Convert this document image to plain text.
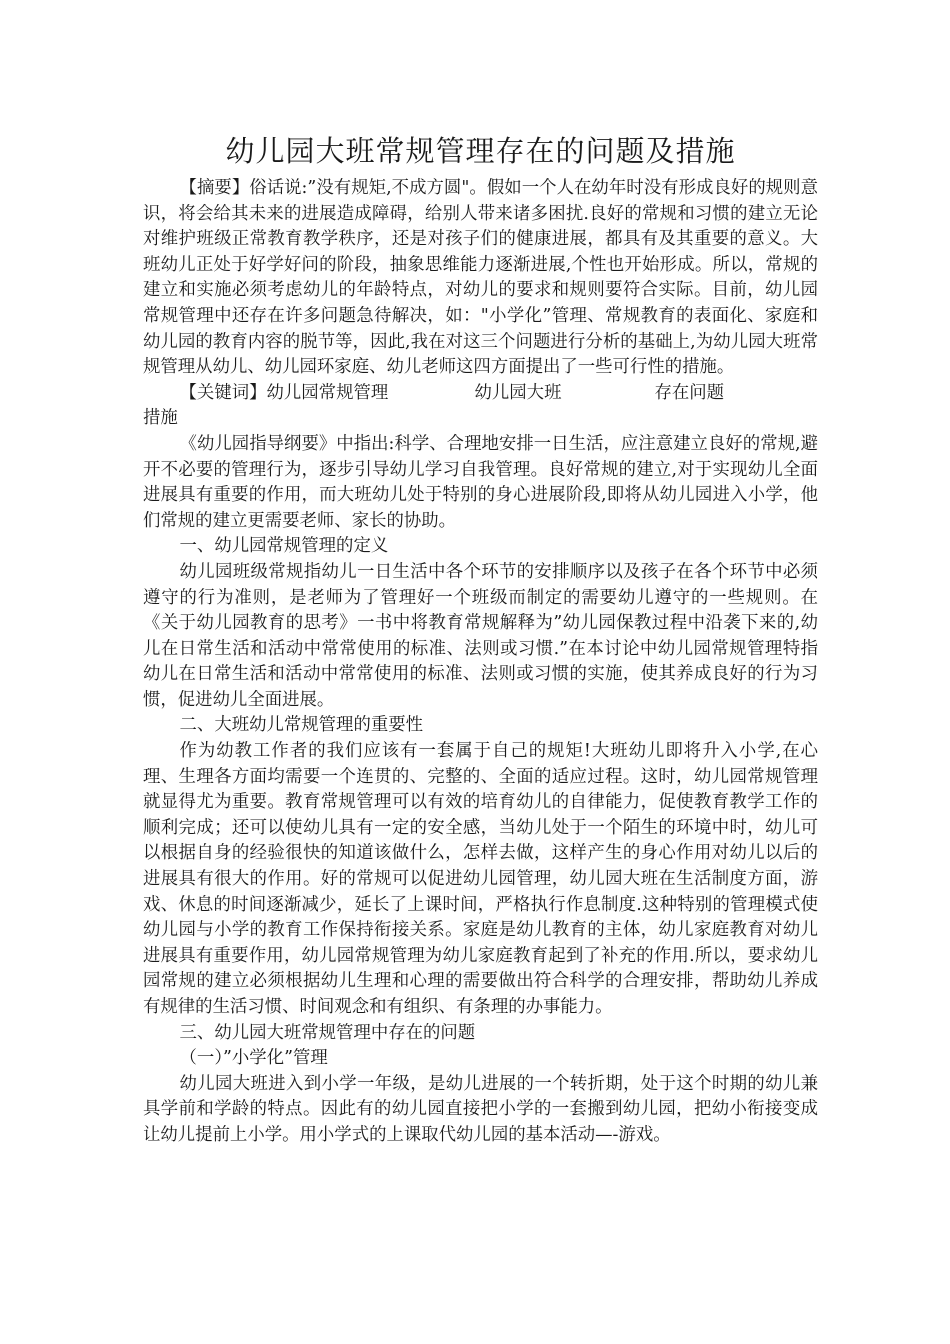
幼儿园大班常规管理存在的问题及措施

【摘要】俗话说:”没有规矩,不成方圆"。假如一个人在幼年时没有形成良好的规则意识，将会给其未来的进展造成障碍，给别人带来诸多困扰.良好的常规和习惯的建立无论对维护班级正常教育教学秩序，还是对孩子们的健康进展，都具有及其重要的意义。大班幼儿正处于好学好问的阶段，抽象思维能力逐渐进展,个性也开始形成。所以，常规的建立和实施必须考虑幼儿的年龄特点，对幼儿的要求和规则要符合实际。目前，幼儿园常规管理中还存在许多问题急待解决，如："小学化”管理、常规教育的表面化、家庭和幼儿园的教育内容的脱节等，因此,我在对这三个问题进行分析的基础上,为幼儿园大班常规管理从幼儿、幼儿园环家庭、幼儿老师这四方面提出了一些可行性的措施。

【关键词】幼儿园常规管理	幼儿园大班	存在问题
措施

《幼儿园指导纲要》中指出:科学、合理地安排一日生活，应注意建立良好的常规,避开不必要的管理行为，逐步引导幼儿学习自我管理。良好常规的建立,对于实现幼儿全面进展具有重要的作用，而大班幼儿处于特别的身心进展阶段,即将从幼儿园进入小学，他们常规的建立更需要老师、家长的协助。

一、幼儿园常规管理的定义

幼儿园班级常规指幼儿一日生活中各个环节的安排顺序以及孩子在各个环节中必须遵守的行为准则，是老师为了管理好一个班级而制定的需要幼儿遵守的一些规则。在《关于幼儿园教育的思考》一书中将教育常规解释为”幼儿园保教过程中沿袭下来的,幼儿在日常生活和活动中常常使用的标准、法则或习惯.”在本讨论中幼儿园常规管理特指幼儿在日常生活和活动中常常使用的标准、法则或习惯的实施，使其养成良好的行为习惯，促进幼儿全面进展。

二、大班幼儿常规管理的重要性

作为幼教工作者的我们应该有一套属于自己的规矩!大班幼儿即将升入小学,在心理、生理各方面均需要一个连贯的、完整的、全面的适应过程。这时，幼儿园常规管理就显得尤为重要。教育常规管理可以有效的培育幼儿的自律能力，促使教育教学工作的顺利完成；还可以使幼儿具有一定的安全感，当幼儿处于一个陌生的环境中时，幼儿可以根据自身的经验很快的知道该做什么，怎样去做，这样产生的身心作用对幼儿以后的进展具有很大的作用。好的常规可以促进幼儿园管理，幼儿园大班在生活制度方面，游戏、休息的时间逐渐减少，延长了上课时间，严格执行作息制度.这种特别的管理模式使幼儿园与小学的教育工作保持衔接关系。家庭是幼儿教育的主体，幼儿家庭教育对幼儿进展具有重要作用，幼儿园常规管理为幼儿家庭教育起到了补充的作用.所以，要求幼儿园常规的建立必须根据幼儿生理和心理的需要做出符合科学的合理安排，帮助幼儿养成有规律的生活习惯、时间观念和有组织、有条理的办事能力。

三、幼儿园大班常规管理中存在的问题

（一）”小学化”管理

幼儿园大班进入到小学一年级，是幼儿进展的一个转折期，处于这个时期的幼儿兼具学前和学龄的特点。因此有的幼儿园直接把小学的一套搬到幼儿园，把幼小衔接变成让幼儿提前上小学。用小学式的上课取代幼儿园的基本活动—-游戏。
